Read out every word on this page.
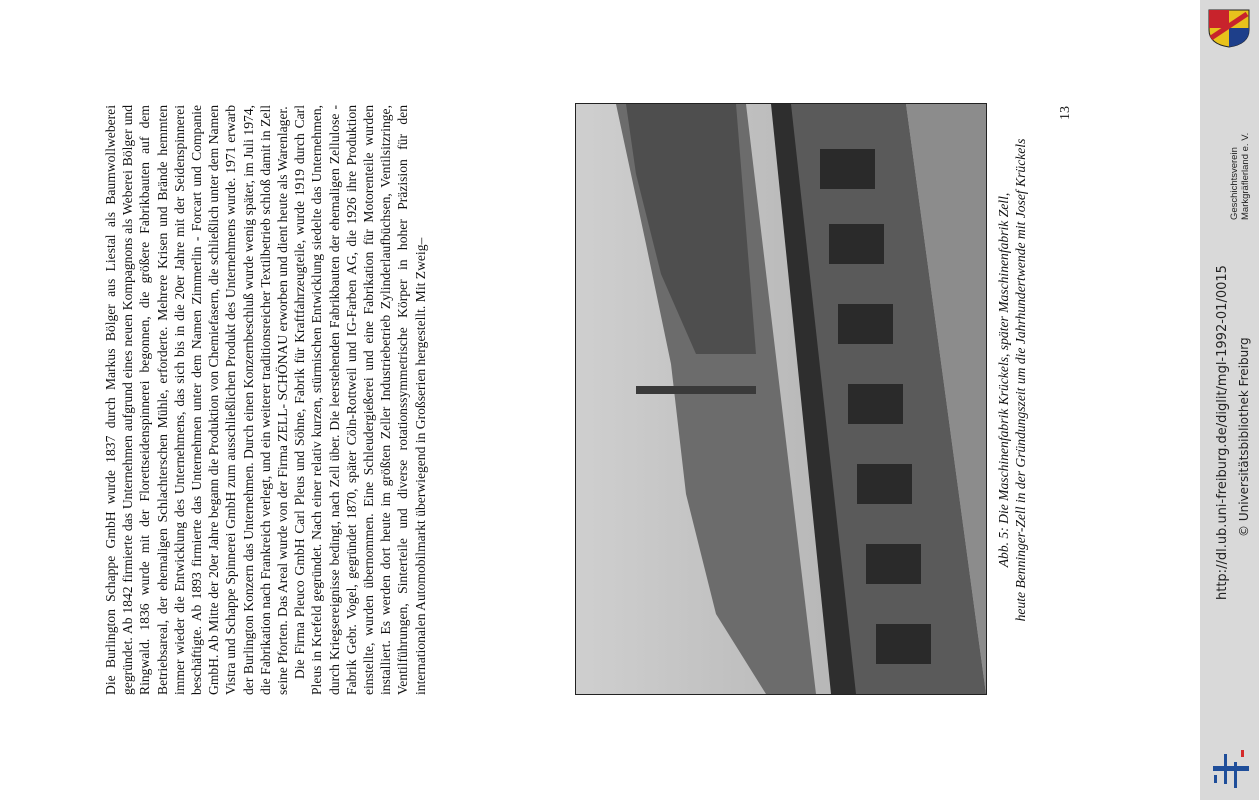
Die Burlington Schappe GmbH wurde 1837 durch Markus Bölger aus Liestal als Baumwollweberei gegründet. Ab 1842 firmierte das Unternehmen aufgrund eines neuen Kompagnons als Weberei Bölger und Ringwald. 1836 wurde mit der Florettseidenspinnerei begonnen, die größere Fabrikbauten auf dem Betriebsareal, der ehemaligen Schlachterschen Mühle, erforderte. Mehrere Krisen und Brände hemmten immer wieder die Entwicklung des Unternehmens, das sich bis in die 20er Jahre mit der Seidenspinnerei beschäftigte. Ab 1893 firmierte das Unternehmen unter dem Namen Zimmerlin - Forcart und Companie GmbH. Ab Mitte der 20er Jahre begann die Produktion von Chemiefasern, die schließlich unter dem Namen Vistra und Schappe Spinnerei GmbH zum ausschließlichen Produkt des Unternehmens wurde. 1971 erwarb der Burlington Konzern das Unternehmen. Durch einen Konzernbeschluß wurde wenig später, im Juli 1974, die Fabrikation nach Frankreich verlegt, und ein weiterer traditionsreicher Textilbetrieb schloß damit in Zell seine Pforten. Das Areal wurde von der Firma ZELL- SCHÖNAU erworben und dient heute als Warenlager. Die Firma Pleuco GmbH Carl Pleus und Söhne, Fabrik für Kraftfahrzeugteile, wurde 1919 durch Carl Pleus in Krefeld gegründet. Nach einer relativ kurzen, stürmischen Entwicklung siedelte das Unternehmen, durch Kriegsereignisse bedingt, nach Zell über. Die leerstehenden Fabrikbauten der ehemaligen Zellulose - Fabrik Gebr. Vogel, gegründet 1870, später Cöln-Rottweil und IG-Farben AG, die 1926 ihre Produktion einstellte, wurden übernommen. Eine Schleudergießerei und eine Fabrikation für Motorenteile wurden installiert. Es werden dort heute im größten Zeller Industriebetrieb Zylinderlaufbüchsen, Ventilsitzringe, Ventilführungen, Sinterteile und diverse rotationssymmetrische Körper in hoher Präzision für den internationalen Automobilmarkt überwiegend in Großserien hergestellt. Mit Zweig–	Abb. 5: Die Maschinenfabrik Krückels, später Maschinenfabrik Zell, heute Benninger-Zell in der Gründungszeit um die Jahrhundertwende mit Josef Krückels
13
Geschichtsverein Markgräflerland e. V.
http://dl.ub.uni-freiburg.de/diglit/mgl-1992-01/0015 © Universitätsbibliothek Freiburg
